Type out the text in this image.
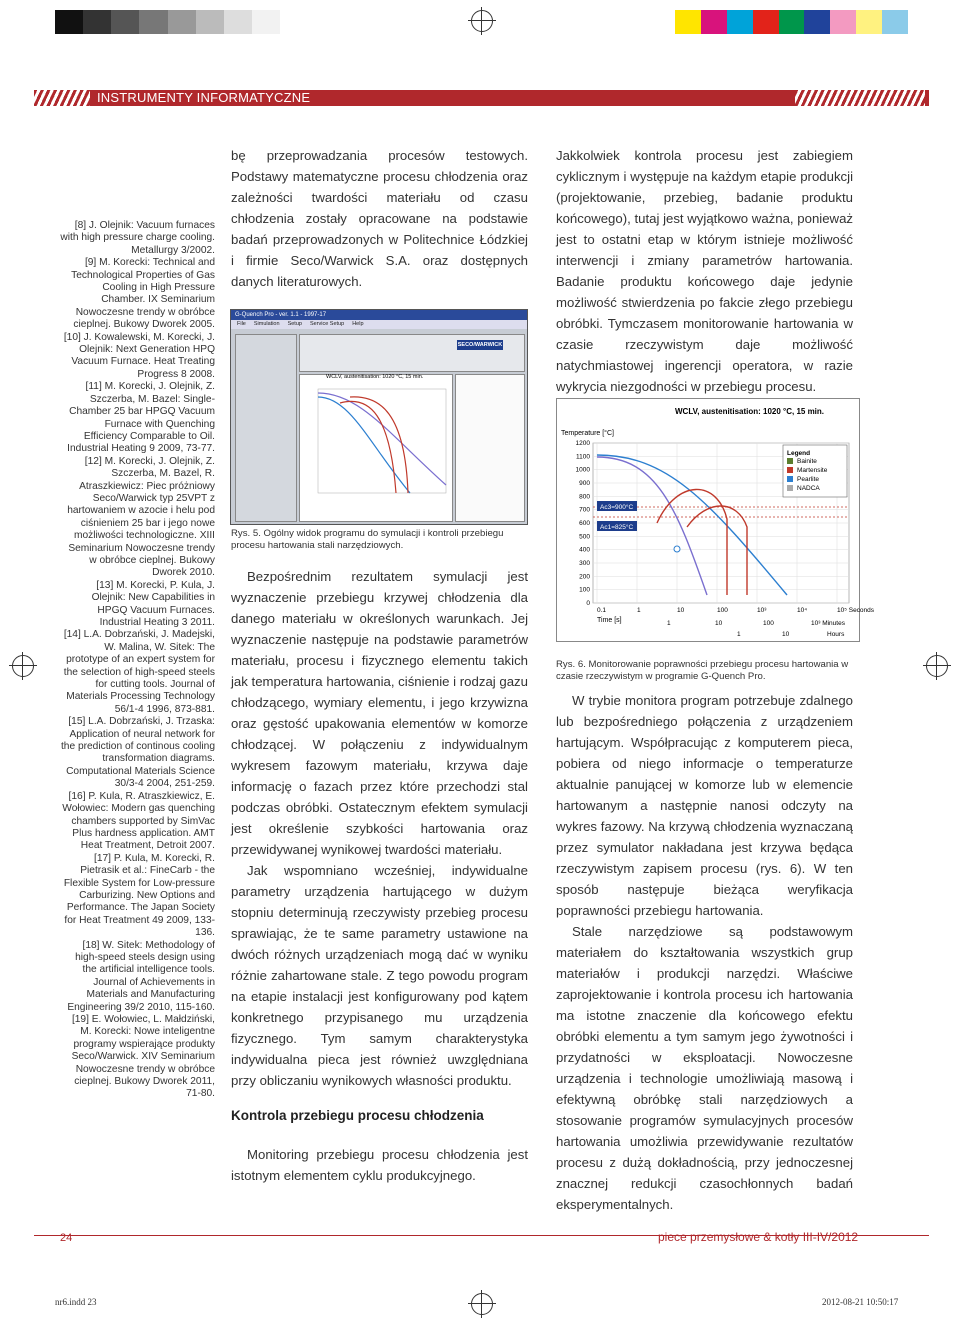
INSTRUMENTY INFORMATYCZNE

[8] J. Olejnik: Vacuum furnaces with high pressure charge cooling. Metallurgy 3/2002.

[9] M. Korecki: Technical and Technological Properties of Gas Cooling in High Pressure Chamber. IX Seminarium Nowoczesne trendy w obróbce cieplnej. Bukowy Dworek 2005.

[10] J. Kowalewski, M. Korecki, J. Olejnik: Next Generation HPQ Vacuum Furnace. Heat Treating Progress 8 2008.

[11] M. Korecki, J. Olejnik, Z. Szczerba, M. Bazel: Single-Chamber 25 bar HPGQ Vacuum Furnace with Quenching Efficiency Comparable to Oil. Industrial Heating 9 2009, 73-77.

[12] M. Korecki, J. Olejnik, Z. Szczerba, M. Bazel, R. Atraszkiewicz: Piec próżniowy Seco/Warwick typ 25VPT z hartowaniem w azocie i helu pod ciśnieniem 25 bar i jego nowe możliwości technologiczne. XIII Seminarium Nowoczesne trendy w obróbce cieplnej. Bukowy Dworek 2010.

[13] M. Korecki, P. Kula, J. Olejnik: New Capabilities in HPGQ Vacuum Furnaces. Industrial Heating 3 2011.

[14] L.A. Dobrzański, J. Madejski, W. Malina, W. Sitek: The prototype of an expert system for the selection of high-speed steels for cutting tools. Journal of Materials Processing Technology 56/1-4 1996, 873-881.

[15] L.A. Dobrzański, J. Trzaska: Application of neural network for the prediction of continous cooling transformation diagrams. Computational Materials Science 30/3-4 2004, 251-259.

[16] P. Kula, R. Atraszkiewicz, E. Wołowiec: Modern gas quenching chambers supported by SimVac Plus hardness application. AMT Heat Treatment, Detroit 2007.

[17] P. Kula, M. Korecki, R. Pietrasik et al.: FineCarb - the Flexible System for Low-pressure Carburizing. New Options and Performance. The Japan Society for Heat Treatment 49 2009, 133-136.

[18] W. Sitek: Methodology of high-speed steels design using the artificial intelligence tools. Journal of Achievements in Materials and Manufacturing Engineering 39/2 2010, 115-160.

[19] E. Wołowiec, L. Małdziński, M. Korecki: Nowe inteligentne programy wspierające produkty Seco/Warwick. XIV Seminarium Nowoczesne trendy w obróbce cieplnej. Bukowy Dworek 2011, 71-80.

bę przeprowadzania procesów testowych. Podstawy matematyczne procesu chłodzenia oraz zależności twardości materiału od czasu chłodzenia zostały opracowane na podstawie badań przeprowadzonych w Politechnice Łódzkiej i firmie Seco/Warwick S.A. oraz dostępnych danych literaturowych.

G-Quench Pro - ver. 1.1 - 1997-17
File Simulation Setup Service Setup Help
SECO/WARWICK
WCLV, austenitisation: 1020 °C, 15 min.
Rys. 5. Ogólny widok programu do symulacji i kontroli przebiegu procesu hartowania stali narzędziowych.

Bezpośrednim rezultatem symulacji jest wyznaczenie przebiegu krzywej chłodzenia dla danego materiału w określonych warunkach. Jej wyznaczenie następuje na podstawie parametrów materiału, procesu i fizycznego elementu takich jak temperatura hartowania, ciśnienie i rodzaj gazu chłodzącego, wymiary elementu, i jego krzywizna oraz gęstość upakowania elementów w komorze chłodzącej. W połączeniu z indywidualnym wykresem fazowym materiału, krzywa daje informację o fazach przez które przechodzi stal podczas obróbki. Ostatecznym efektem symulacji jest określenie szybkości hartowania oraz przewidywanej wynikowej twardości materiału.

Jak wspomniano wcześniej, indywidualne parametry urządzenia hartującego w dużym stopniu determinują rzeczywisty przebieg procesu sprawiając, że te same parametry ustawione na dwóch różnych urządzeniach mogą dać w wyniku różnie zahartowane stale. Z tego powodu program na etapie instalacji jest konfigurowany pod kątem konkretnego przypisanego mu urządzenia fizycznego. Tym samym charakterystyka indywidualna pieca jest również uwzględniana przy obliczaniu wynikowych własności produktu.

Kontrola przebiegu procesu chłodzenia

Monitoring przebiegu procesu chłodzenia jest istotnym elementem cyklu produkcyjnego.

Jakkolwiek kontrola procesu jest zabiegiem cyklicznym i występuje na każdym etapie produkcji (projektowanie, przebieg, badanie produktu końcowego), tutaj jest wyjątkowo ważna, ponieważ jest to ostatni etap w którym istnieje możliwość interwencji i zmiany parametrów hartowania. Badanie produktu końcowego daje jedynie możliwość stwierdzenia po fakcie złego przebiegu obróbki. Tymczasem monitorowanie hartowania w czasie rzeczywistym daje możliwość natychmiastowej ingerencji operatora, w razie wykrycia niezgodności w przebiegu procesu.

WCLV, austenitisation: 1020 °C, 15 min.
Temperature [°C]
1200
1100
1000
900
800
700
600
500
400
300
200
100
0
0.1	1	10	100	10³	10⁴	10⁵ Seconds
Ac3=900°C
Ac1=825°C
Legend
Bainite
Martensite
Pearlite
NADCA
Time [s]	1	10	100	10³ Minutes
1	10	Hours
Rys. 6. Monitorowanie poprawności przebiegu procesu hartowania w czasie rzeczywistym w programie G-Quench Pro.

W trybie monitora program potrzebuje zdalnego lub bezpośredniego połączenia z urządzeniem hartującym. Współpracując z komputerem pieca, pobiera od niego informacje o temperaturze aktualnie panującej w komorze lub w elemencie hartowanym a następnie nanosi odczyty na wykres fazowy. Na krzywą chłodzenia wyznaczaną przez symulator nakładana jest krzywa będąca rzeczywistym zapisem procesu (rys. 6). W ten sposób następuje bieżąca weryfikacja poprawności przebiegu hartowania.

Stale narzędziowe są podstawowym materiałem do kształtowania wszystkich grup materiałów i produkcji narzędzi. Właściwe zaprojektowanie i kontrola procesu ich hartowania ma istotne znaczenie dla końcowego efektu obróbki elementu a tym samym jego żywotności i przydatności w eksploatacji. Nowoczesne urządzenia i technologie umożliwiają masową i efektywną obróbkę stali narzędziowych a stosowanie programów symulacyjnych procesów hartowania umożliwia przewidywanie rezultatów procesu z dużą dokładnością, przy jednoczesnej znacznej redukcji czasochłonnych badań eksperymentalnych.

24	piece przemysłowe & kotły III-IV/2012
nr6.indd 23	2012-08-21 10:50:17
